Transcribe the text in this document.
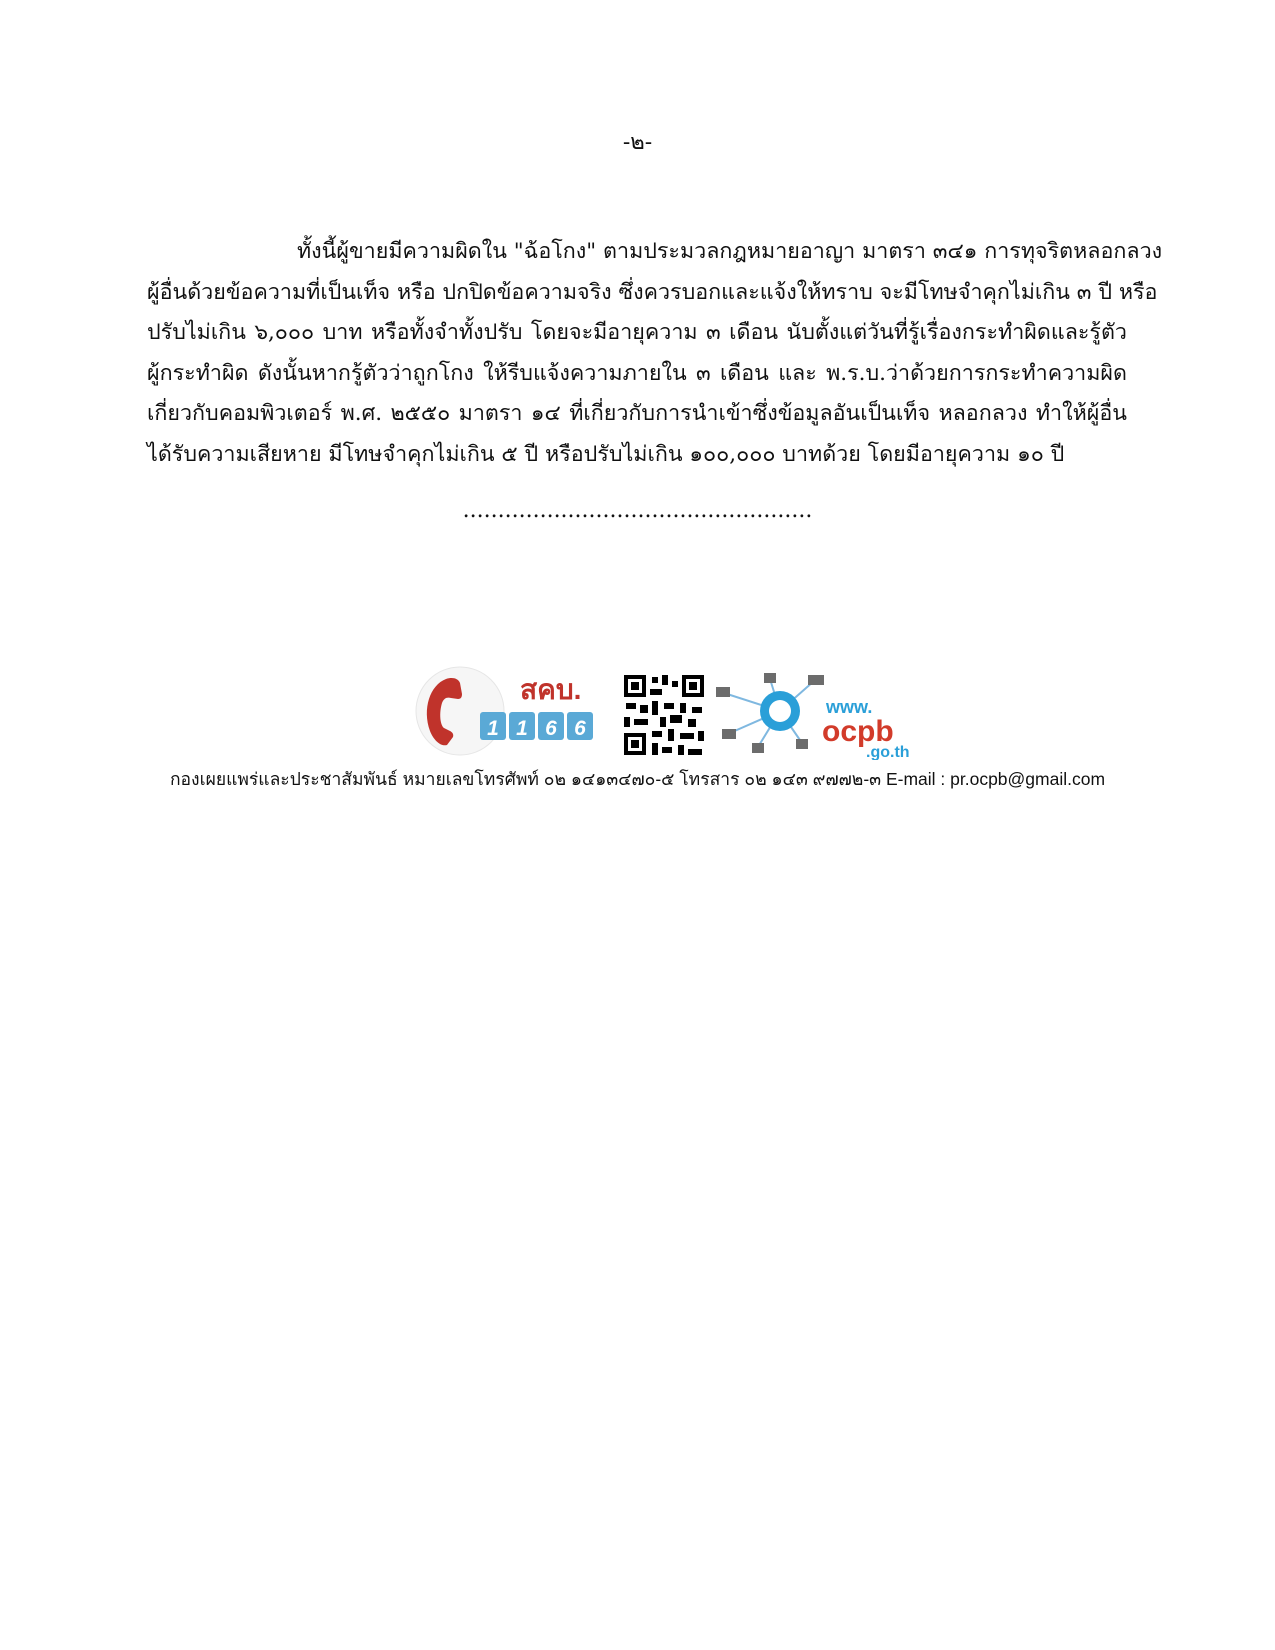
-๒-
ทั้งนี้ผู้ขายมีความผิดใน "ฉ้อโกง" ตามประมวลกฎหมายอาญา มาตรา ๓๔๑ การทุจริตหลอกลวง
ผู้อื่นด้วยข้อความที่เป็นเท็จ หรือ ปกปิดข้อความจริง ซึ่งควรบอกและแจ้งให้ทราบ จะมีโทษจำคุกไม่เกิน ๓ ปี หรือ
ปรับไม่เกิน ๖,๐๐๐ บาท หรือทั้งจำทั้งปรับ โดยจะมีอายุความ ๓ เดือน นับตั้งแต่วันที่รู้เรื่องกระทำผิดและรู้ตัว
ผู้กระทำผิด ดังนั้นหากรู้ตัวว่าถูกโกง ให้รีบแจ้งความภายใน ๓ เดือน และ พ.ร.บ.ว่าด้วยการกระทำความผิด
เกี่ยวกับคอมพิวเตอร์ พ.ศ. ๒๕๕๐ มาตรา ๑๔ ที่เกี่ยวกับการนำเข้าซึ่งข้อมูลอันเป็นเท็จ หลอกลวง ทำให้ผู้อื่น
ได้รับความเสียหาย มีโทษจำคุกไม่เกิน ๕ ปี หรือปรับไม่เกิน ๑๐๐,๐๐๐ บาทด้วย โดยมีอายุความ ๑๐ ปี
..................................................
สคบ.
1 1 6 6
www.
ocpb
.go.th
กองเผยแพร่และประชาสัมพันธ์ หมายเลขโทรศัพท์ ๐๒ ๑๔๑๓๔๗๐-๕ โทรสาร ๐๒ ๑๔๓ ๙๗๗๒-๓ E-mail : pr.ocpb@gmail.com
